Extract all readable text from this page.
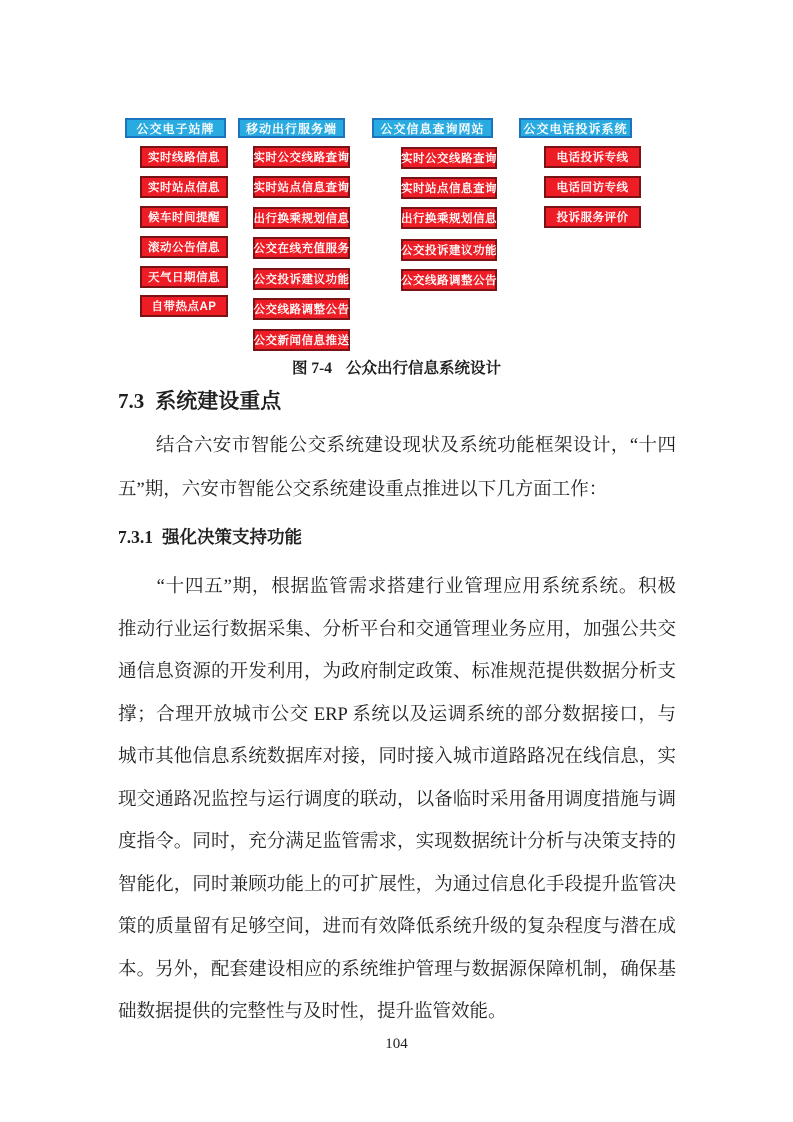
公交电子站牌
实时线路信息
实时站点信息
候车时间提醒
滚动公告信息
天气日期信息
自带热点AP
移动出行服务端
实时公交线路查询
实时站点信息查询
出行换乘规划信息
公交在线充值服务
公交投诉建议功能
公交线路调整公告
公交新闻信息推送
公交信息查询网站
实时公交线路查询
实时站点信息查询
出行换乘规划信息
公交投诉建议功能
公交线路调整公告
公交电话投诉系统
电话投诉专线
电话回访专线
投诉服务评价
图 7-4 公众出行信息系统设计
7.3 系统建设重点
　　结合六安市智能公交系统建设现状及系统功能框架设计，“十四
五”期，六安市智能公交系统建设重点推进以下几方面工作：
7.3.1 强化决策支持功能
　　“十四五”期，根据监管需求搭建行业管理应用系统系统。积极
推动行业运行数据采集、分析平台和交通管理业务应用，加强公共交
通信息资源的开发利用，为政府制定政策、标准规范提供数据分析支
撑；合理开放城市公交 ERP 系统以及运调系统的部分数据接口，与
城市其他信息系统数据库对接，同时接入城市道路路况在线信息，实
现交通路况监控与运行调度的联动，以备临时采用备用调度措施与调
度指令。同时，充分满足监管需求，实现数据统计分析与决策支持的
智能化，同时兼顾功能上的可扩展性，为通过信息化手段提升监管决
策的质量留有足够空间，进而有效降低系统升级的复杂程度与潜在成
本。另外，配套建设相应的系统维护管理与数据源保障机制，确保基
础数据提供的完整性与及时性，提升监管效能。
104
